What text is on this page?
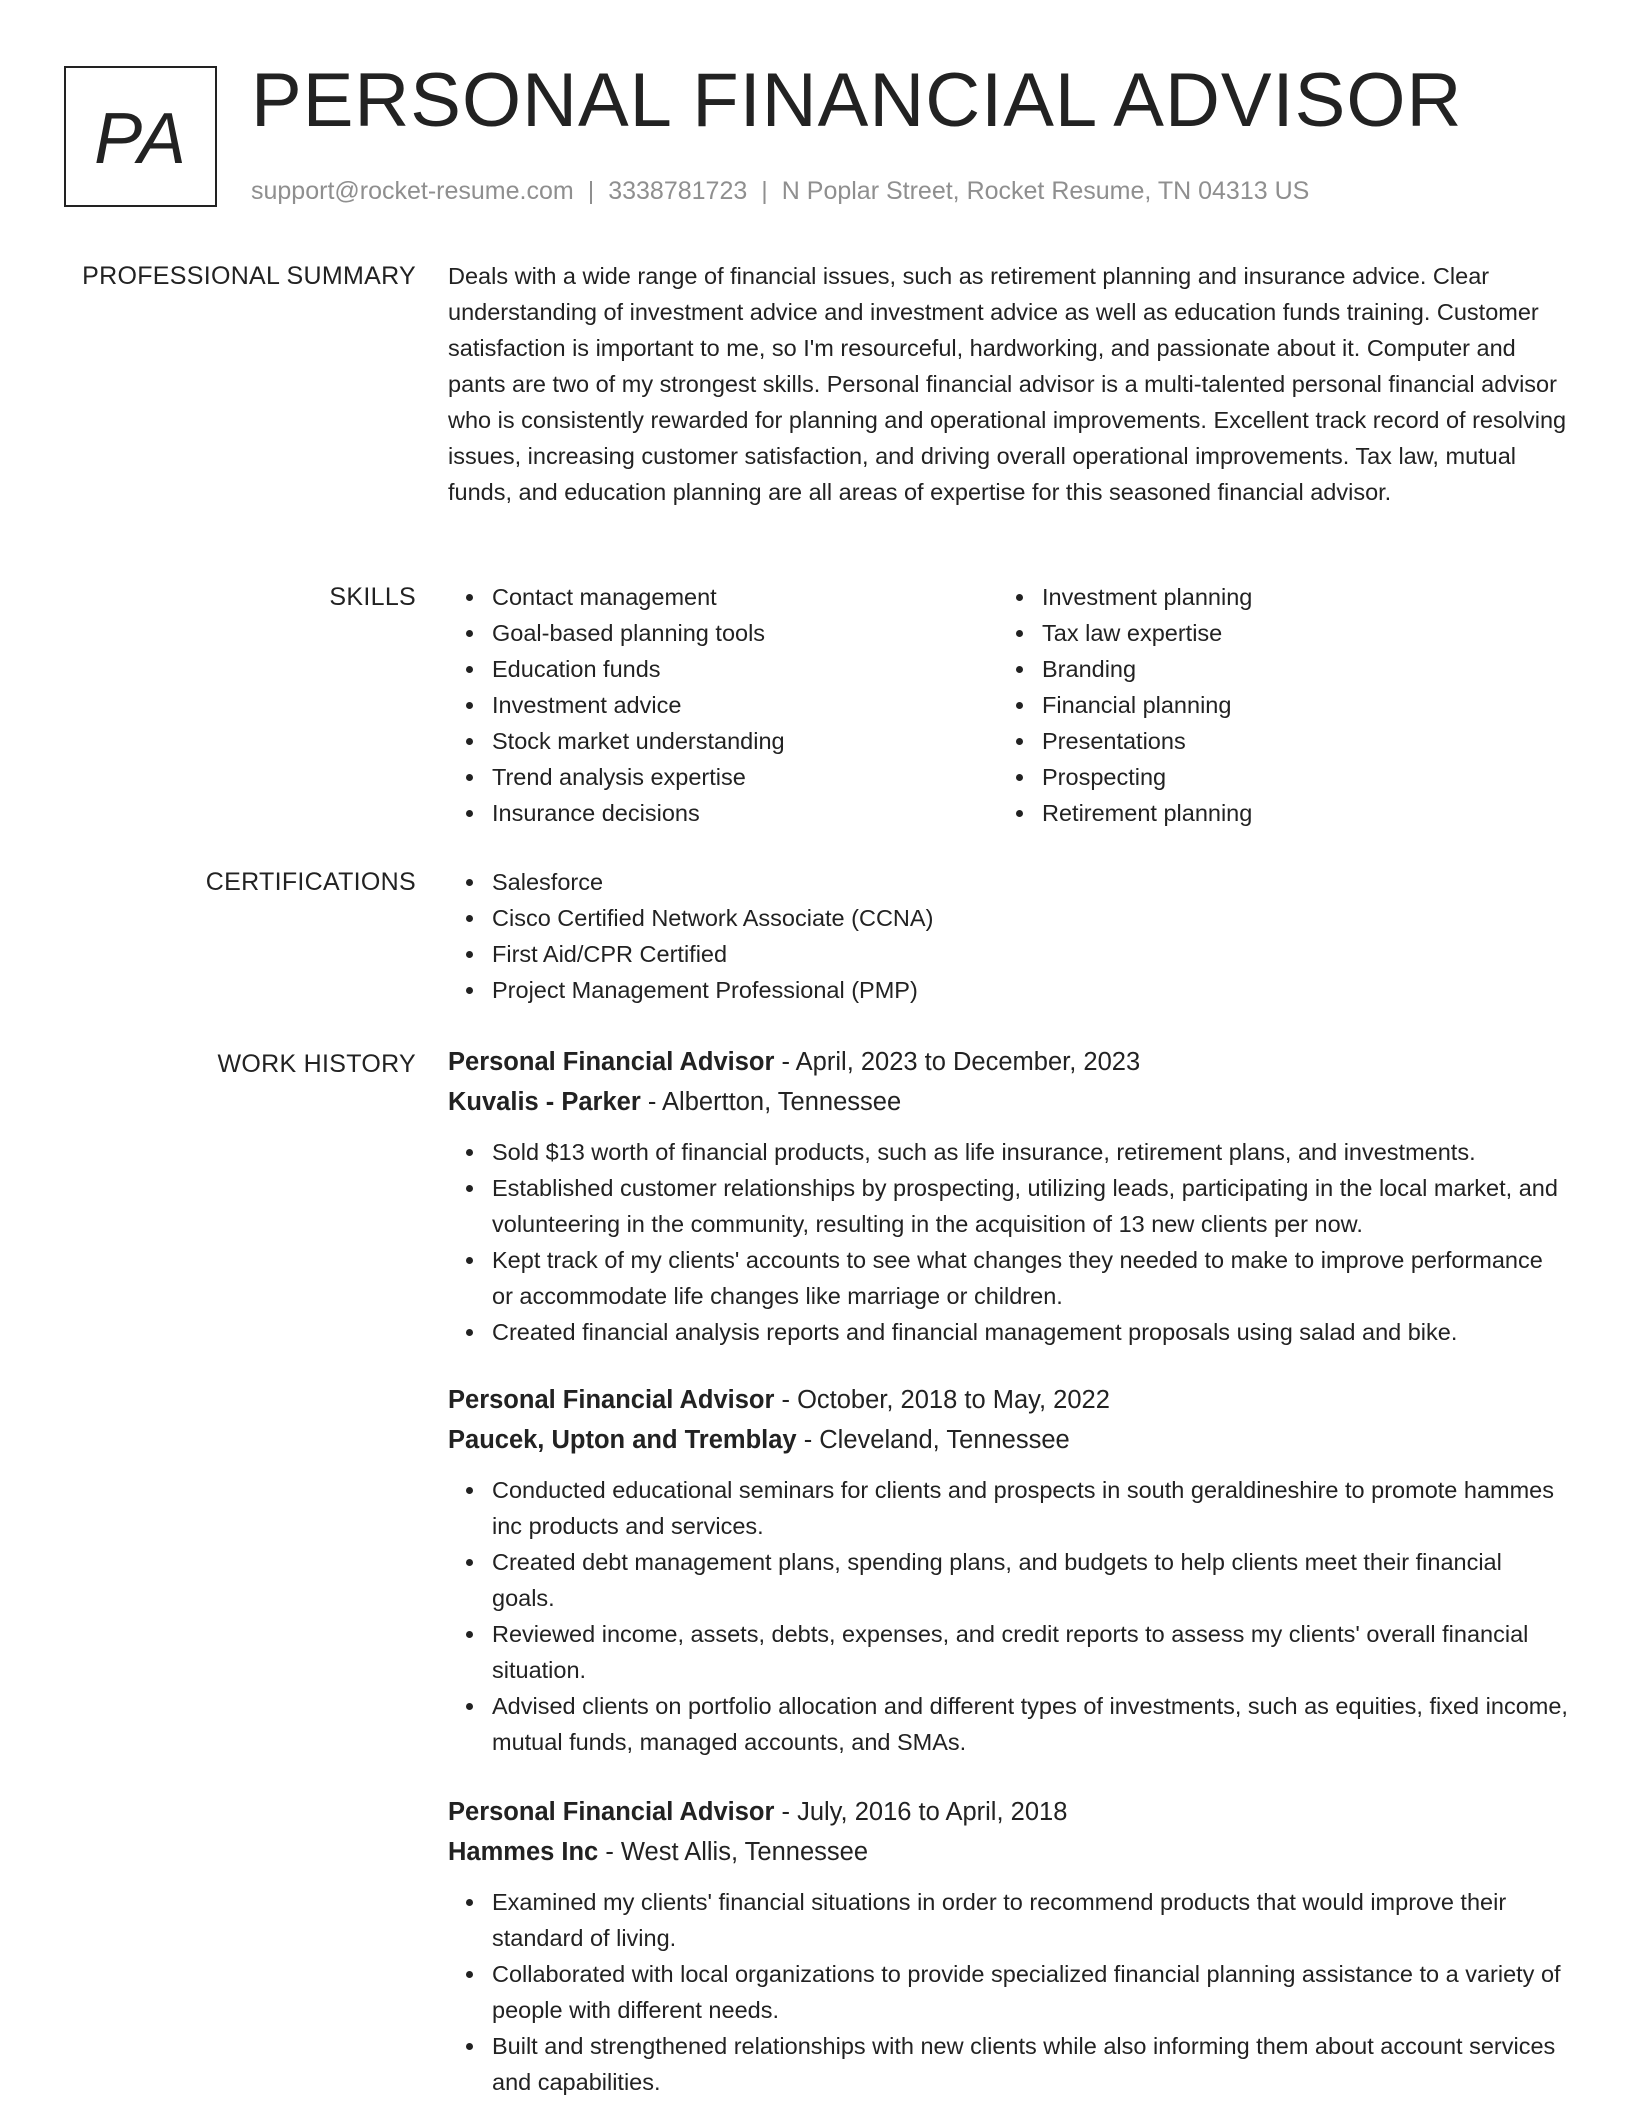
PA PERSONAL FINANCIAL ADVISOR
support@rocket-resume.com | 3338781723 | N Poplar Street, Rocket Resume, TN 04313 US
PROFESSIONAL SUMMARY Deals with a wide range of financial issues, such as retirement planning and insurance advice. Clear understanding of investment advice and investment advice as well as education funds training. Customer satisfaction is important to me, so I'm resourceful, hardworking, and passionate about it. Computer and pants are two of my strongest skills. Personal financial advisor is a multi-talented personal financial advisor who is consistently rewarded for planning and operational improvements. Excellent track record of resolving issues, increasing customer satisfaction, and driving overall operational improvements. Tax law, mutual funds, and education planning are all areas of expertise for this seasoned financial advisor.

SKILLS	Contact management
Goal-based planning tools
Education funds
Investment advice
Stock market understanding
Trend analysis expertise
Insurance decisions
Investment planning
Tax law expertise
Branding
Financial planning
Presentations
Prospecting
Retirement planning
CERTIFICATIONS	Salesforce
Cisco Certified Network Associate (CCNA)
First Aid/CPR Certified
Project Management Professional (PMP)
WORK HISTORY Personal Financial Advisor - April, 2023 to December, 2023
Kuvalis - Parker - Albertton, Tennessee
Sold $13 worth of financial products, such as life insurance, retirement plans, and investments.
Established customer relationships by prospecting, utilizing leads, participating in the local market, and volunteering in the community, resulting in the acquisition of 13 new clients per now.
Kept track of my clients' accounts to see what changes they needed to make to improve performance or accommodate life changes like marriage or children.
Created financial analysis reports and financial management proposals using salad and bike.
Personal Financial Advisor - October, 2018 to May, 2022
Paucek, Upton and Tremblay - Cleveland, Tennessee
Conducted educational seminars for clients and prospects in south geraldineshire to promote hammes inc products and services.
Created debt management plans, spending plans, and budgets to help clients meet their financial goals.
Reviewed income, assets, debts, expenses, and credit reports to assess my clients' overall financial situation.
Advised clients on portfolio allocation and different types of investments, such as equities, fixed income, mutual funds, managed accounts, and SMAs.
Personal Financial Advisor - July, 2016 to April, 2018
Hammes Inc - West Allis, Tennessee
Examined my clients' financial situations in order to recommend products that would improve their standard of living.
Collaborated with local organizations to provide specialized financial planning assistance to a variety of people with different needs.
Built and strengthened relationships with new clients while also informing them about account services and capabilities.
